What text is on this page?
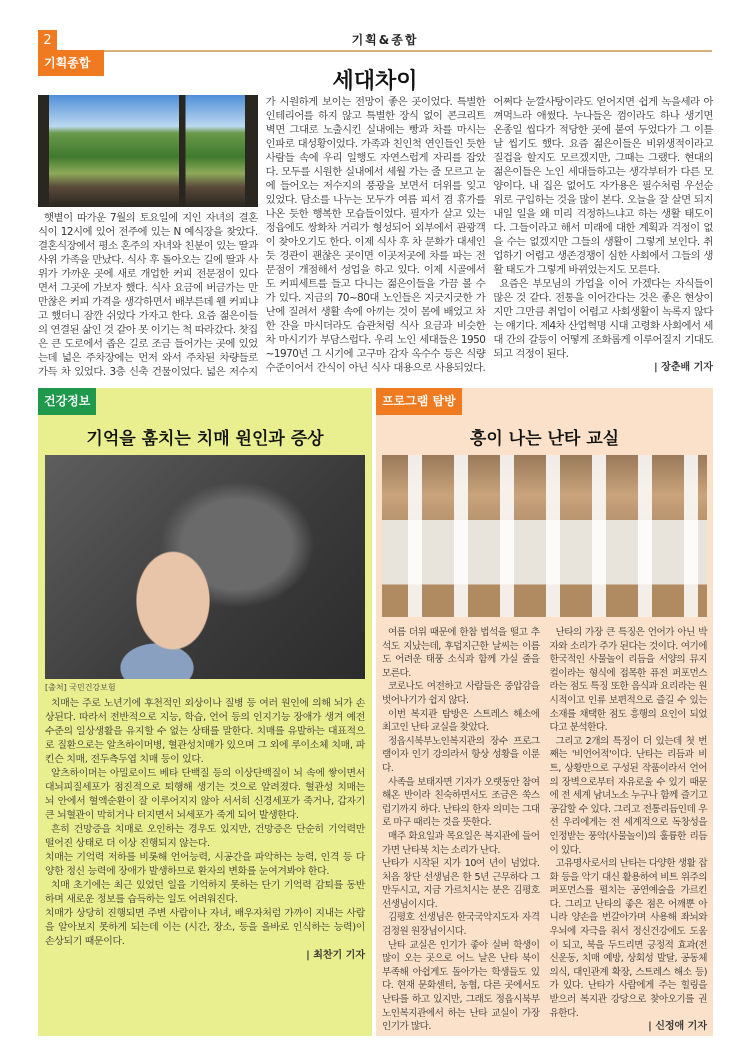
2	기획&종합
기획종합
세대차이

햇볕이 따가운 7월의 토요일에 지인 자녀의 결혼식이 12시에 있어 전주에 있는 N 예식장을 찾았다. 결혼식장에서 평소 혼주의 자녀와 친분이 있는 딸과 사위 가족을 만났다. 식사 후 돌아오는 길에 딸과 사위가 가까운 곳에 새로 개업한 커피 전문점이 있다면서 그곳에 가보자 했다. 식사 요금에 버금가는 만만찮은 커피 가격을 생각하면서 배부른데 웬 커피냐고 했더니 잠깐 쉬었다 가자고 한다. 요즘 젊은이들의 연결된 삶인 것 같아 못 이기는 척 따라갔다. 찻집은 큰 도로에서 좁은 길로 조금 들어가는 곳에 있었는데 넓은 주차장에는 먼저 와서 주차된 차량들로 가득 차 있었다. 3층 신축 건물이었다. 넓은 저수지가 시원하게 보이는 전망이 좋은 곳이었다. 특별한 인테리어를 하지 않고 특별한 장식 없이 콘크리트 벽면 그대로 노출시킨 실내에는 빵과 차를 마시는 인파로 대성황이었다. 가족과 친인척 연인들인 듯한 사람들 속에 우리 일행도 자연스럽게 자리를 잡았다. 모두를 시원한 실내에서 세월 가는 줄 모르고 눈에 들어오는 저수지의 풍광을 보면서 더위를 잊고 있었다. 담소를 나누는 모두가 여름 피서 겸 휴가를 나온 듯한 행복한 모습들이었다. 필자가 살고 있는 정읍에도 쌍화차 거리가 형성되어 외부에서 관광객이 찾아오기도 한다. 이제 식사 후 차 문화가 대세인 듯 경관이 괜찮은 곳이면 이곳저곳에 차를 파는 전문점이 개점해서 성업을 하고 있다. 이제 시골에서도 커피세트를 들고 다니는 젊은이들을 가끔 볼 수가 있다. 지금의 70~80대 노인들은 지긋지긋한 가난에 질려서 생활 속에 아끼는 것이 몸에 배었고 차 한 잔을 마시더라도 습관처럼 식사 요금과 비슷한 차 마시기가 부담스럽다. 우리 노인 세대들은 1950~1970년 그 시기에 고구마 감자 옥수수 등은 식량 수준이어서 간식이 아닌 식사 대용으로 사용되었다. 어쩌다 눈깔사탕이라도 얻어지면 쉽게 녹을세라 아껴먹느라 애썼다. 누나들은 껌이라도 하나 생기면 온종일 씹다가 적당한 곳에 붙여 두었다가 그 이튿날 씹기도 했다. 요즘 젊은이들은 비위생적이라고 질겁을 할지도 모르겠지만, 그때는 그랬다. 현대의 젊은이들은 노인 세대들하고는 생각부터가 다른 모양이다. 내 집은 없어도 자가용은 필수처럼 우선순위로 구입하는 것을 많이 본다. 오늘을 잘 살면 되지 내일 일을 왜 미리 걱정하느냐고 하는 생활 태도이다. 그들이라고 해서 미래에 대한 계획과 걱정이 없을 수는 없겠지만 그들의 생활이 그렇게 보인다. 취업하기 어렵고 생존경쟁이 심한 사회에서 그들의 생활 태도가 그렇게 바뀌었는지도 모른다.

요즘은 부모님의 가업을 이어 가겠다는 자식들이 많은 것 같다. 전통을 이어간다는 것은 좋은 현상이지만 그만큼 취업이 어렵고 사회생활이 녹록지 않다는 얘기다. 제4차 산업혁명 시대 고령화 사회에서 세대 간의 갈등이 어떻게 조화롭게 이루어질지 기대도 되고 걱정이 된다.

| 장춘배 기자

건강정보
기억을 훔치는 치매 원인과 증상
[출처] 국민건강보험

치매는 주로 노년기에 후천적인 외상이나 질병 등 여러 원인에 의해 뇌가 손상된다. 따라서 전반적으로 지능, 학습, 언어 등의 인지기능 장애가 생겨 예전 수준의 일상생활을 유지할 수 없는 상태를 말한다. 치매를 유발하는 대표적으로 질환으로는 알츠하이머병, 혈관성치매가 있으며 그 외에 루이소체 치매, 파킨슨 치매, 전두측두엽 치매 등이 있다.

알츠하이머는 아밀로이드 베타 단백질 등의 이상단백질이 뇌 속에 쌓이면서 대뇌피질세포가 점진적으로 퇴행해 생기는 것으로 알려졌다. 혈관성 치매는 뇌 안에서 혈액순환이 잘 이루어지지 않아 서서히 신경세포가 죽거나, 갑자기 큰 뇌혈관이 막히거나 터지면서 뇌세포가 죽게 되어 발생한다.

흔히 건망증을 치매로 오인하는 경우도 있지만, 건망증은 단순히 기억력만 떨어진 상태로 더 이상 진행되지 않는다.

치매는 기억력 저하를 비롯해 언어능력, 시공간을 파악하는 능력, 인격 등 다양한 정신 능력에 장애가 발생하므로 환자의 변화를 눈여겨봐야 한다.

치매 초기에는 최근 있었던 일을 기억하지 못하는 단기 기억력 감퇴를 동반하며 새로운 정보를 습득하는 일도 어려워진다.

치매가 상당히 진행되면 주변 사람이나 자녀, 배우자처럼 가까이 지내는 사람을 알아보지 못하게 되는데 이는 (시간, 장소, 등을 올바로 인식하는 능력)이 손상되기 때문이다.

| 최찬기 기자

프로그램 탐방
흥이 나는 난타 교실

여름 더위 때문에 한참 법석을 떨고 추석도 지났는데, 후덥지근한 날씨는 이름도 어려운 태풍 소식과 함께 가실 줄을 모른다.

코로나도 여전하고 사람들은 중압감을 벗어나기가 쉽지 않다.

이번 복지관 탐방은 스트레스 해소에 최고인 난타 교실을 찾았다.

정읍시북부노인복지관의 장수 프로그램이자 인기 강의라서 항상 성황을 이룬다.

사족을 보태자면 기자가 오랫동안 참여해온 반이라 친숙하면서도 조금은 쑥스럽기까지 하다. 난타의 한자 의미는 그대로 마구 때리는 것을 뜻한다.

매주 화요일과 목요일은 복지관에 들어가면 난타북 치는 소리가 난다.

난타가 시작된 지가 10여 년이 넘었다. 처음 창단 선생님은 한 5년 근무하다 그만두시고, 지금 가르치시는 분은 김평호 선생님이시다.

김평호 선생님은 한국국악지도자 자격검정원 원장님이시다.

난타 교실은 인기가 좋아 실버 학생이 많이 오는 곳으로 어느 날은 난타 북이 부족해 아쉽게도 돌아가는 학생들도 있다. 현재 문화센터, 농협, 다른 곳에서도 난타를 하고 있지만, 그래도 정읍시북부노인복지관에서 하는 난타 교실이 가장 인기가 많다.

난타의 가장 큰 특징은 언어가 아닌 박자와 소리가 주가 된다는 것이다. 여기에 한국적인 사물놀이 리듬을 서양의 뮤지컬이라는 형식에 접목한 퓨전 퍼포먼스라는 점도 특징 또한 음식과 요리라는 원시적이고 인류 보편적으로 즐길 수 있는 소재를 채택한 점도 흥행의 요인이 되었다고 분석한다.

그리고 2개의 특징이 더 있는데 첫 번째는 '비언어적'이다. 난타는 리듬과 비트, 상황만으로 구성된 작품이라서 언어의 장벽으로부터 자유로울 수 있기 때문에 전 세계 남녀노소 누구나 함께 즐기고 공감할 수 있다. 그리고 전통리듬인데 우선 우리에게는 전 세계적으로 독창성을 인정받는 풍악(사물놀이)의 훌륭한 리듬이 있다.

고유명사로서의 난타는 다양한 생활 잡화 등을 악기 대신 활용하여 비트 위주의 퍼포먼스를 펼치는 공연예술을 가르킨다. 그리고 난타의 좋은 점은 어깨뿐 아니라 양손을 번갈아가며 사용해 좌뇌와 우뇌에 자극을 줘서 정신건강에도 도움이 되고, 북을 두드리면 긍정적 효과(전신운동, 치매 예방, 상회성 발달, 공동체의식, 대인관계 확장, 스트레스 해소 등)가 있다. 난타가 사람에게 주는 힐링을 받으러 복지관 강당으로 찾아오기를 권유한다.

| 신정애 기자
